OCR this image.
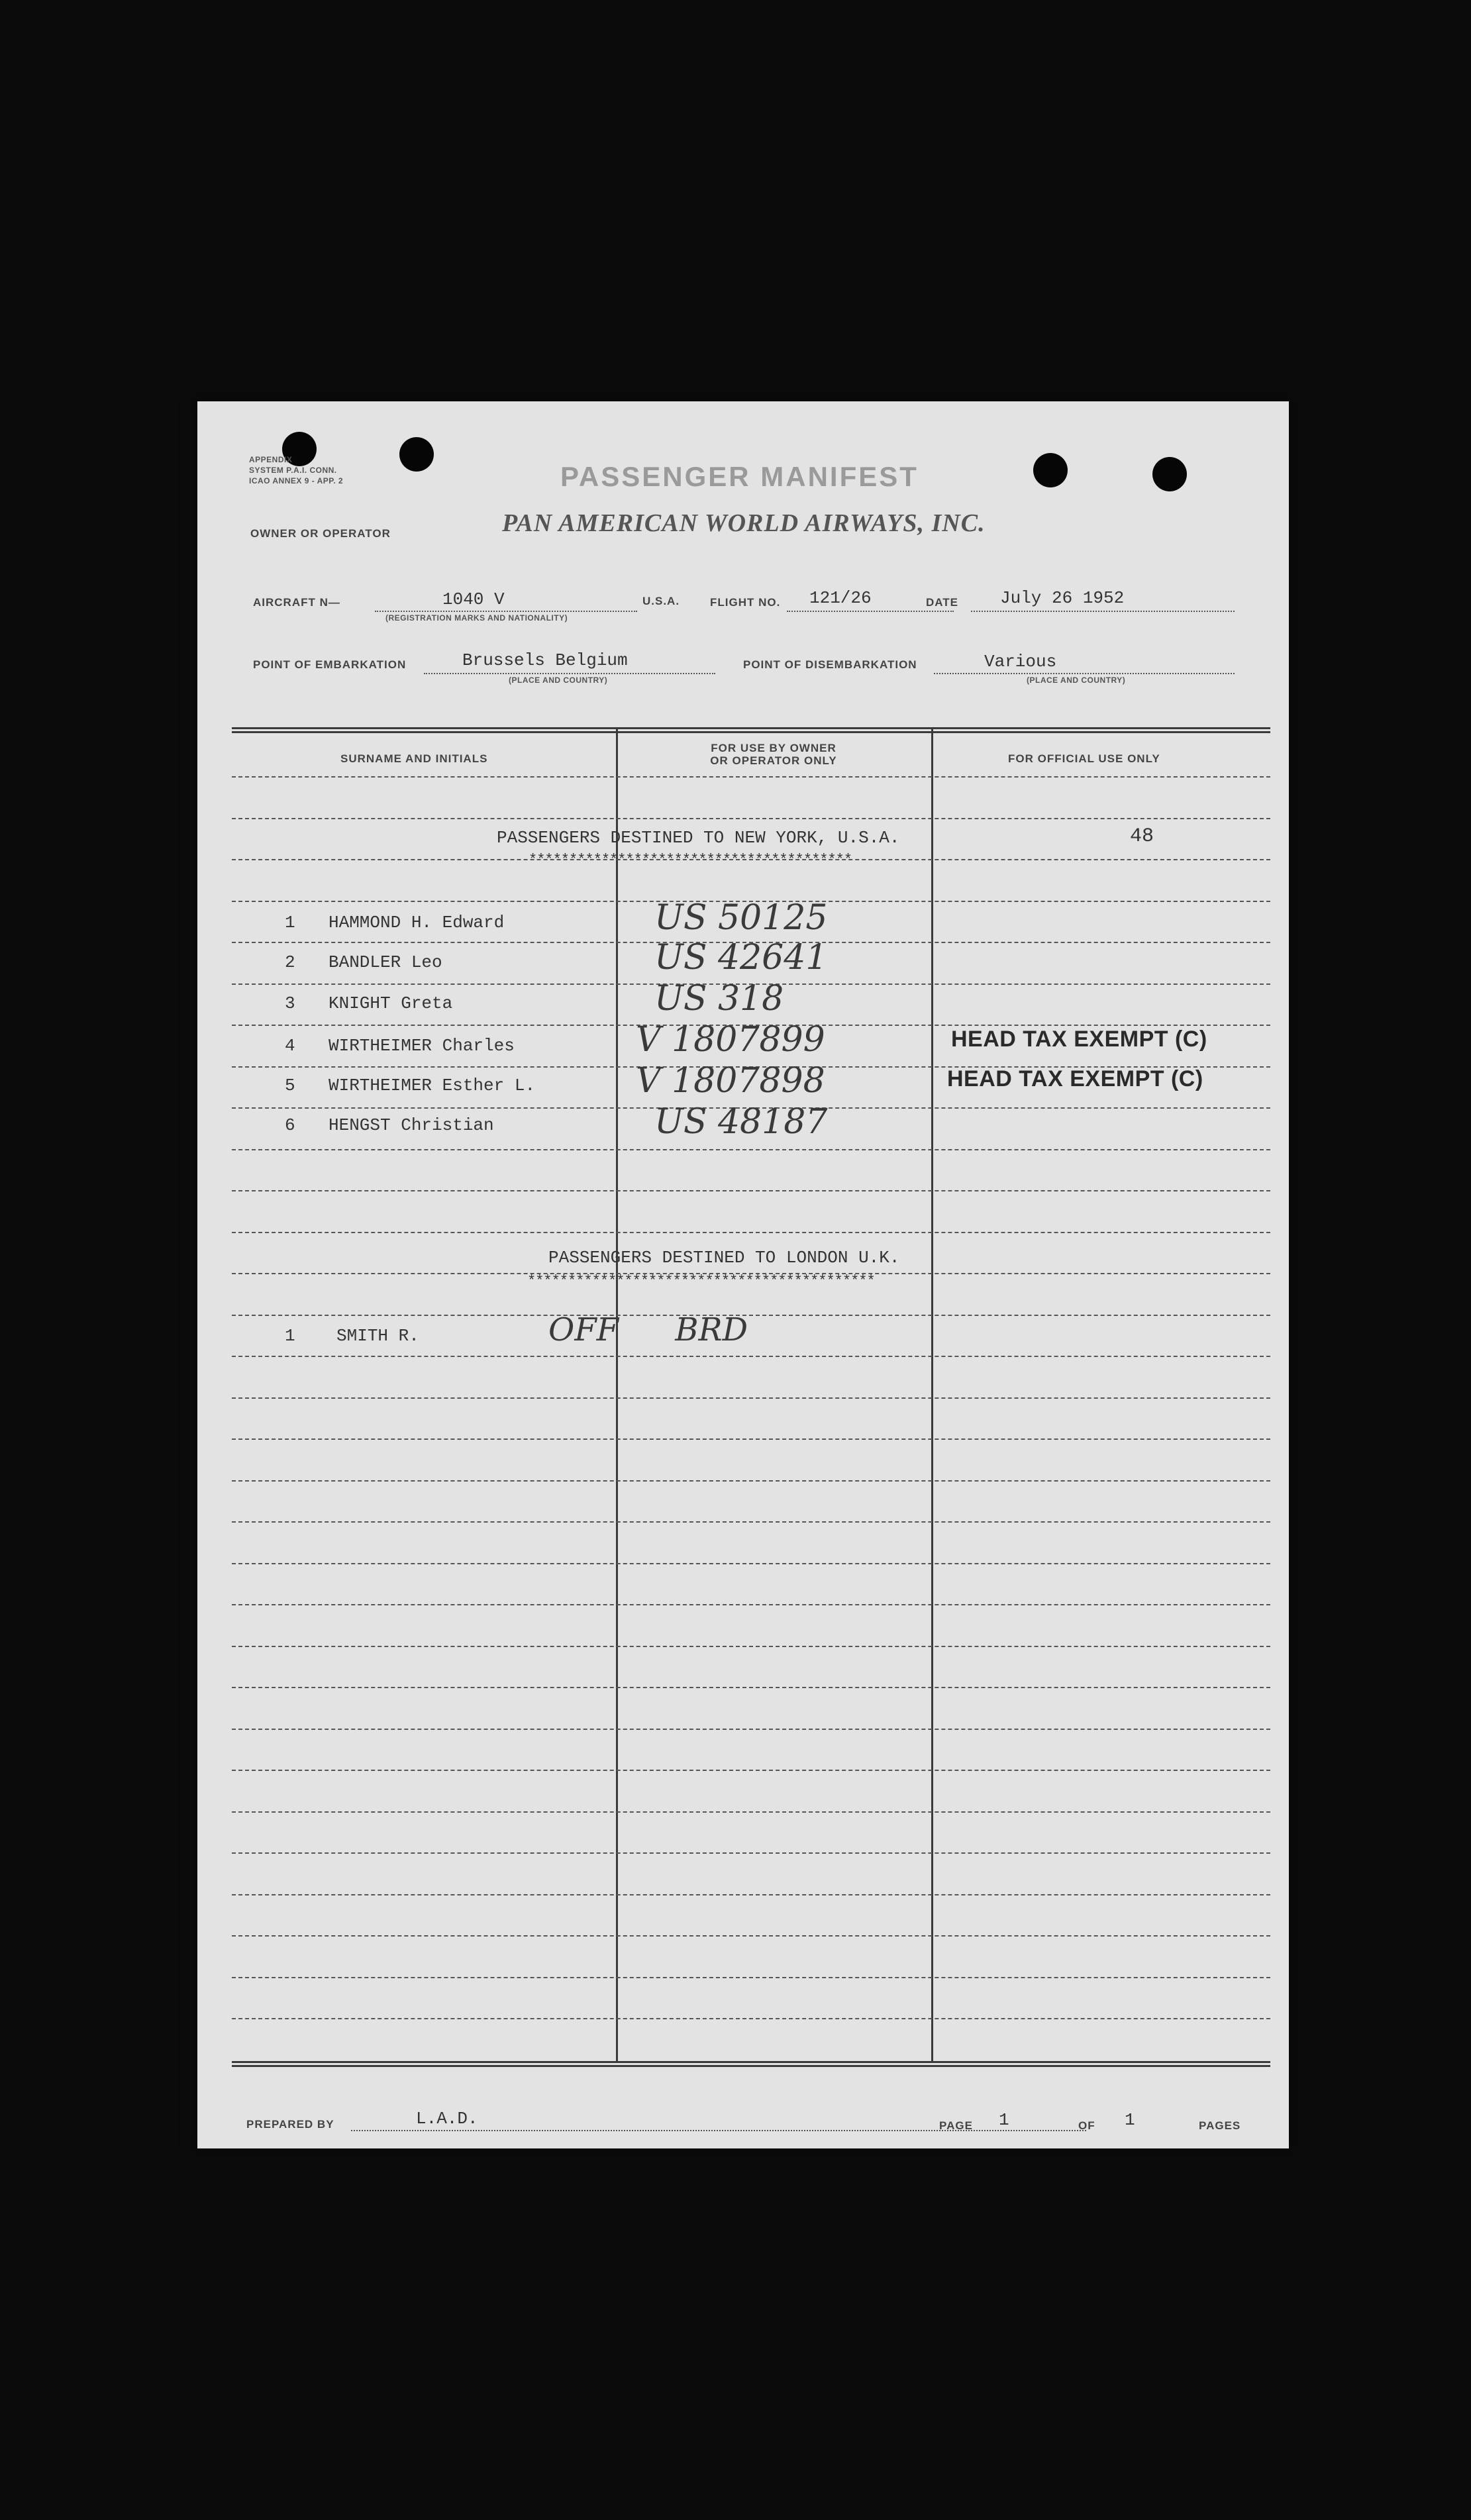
APPENDIX
SYSTEM P.A.I. CONN.
ICAO ANNEX 9 - APP. 2	PASSENGER MANIFEST
OWNER OR OPERATOR	PAN AMERICAN WORLD AIRWAYS, INC.
AIRCRAFT N—	1040 V
(REGISTRATION MARKS AND NATIONALITY)
U.S.A.	FLIGHT NO. 121/26	DATE July 26 1952
POINT OF EMBARKATION	Brussels Belgium
(PLACE AND COUNTRY)
POINT OF DISEMBARKATION	Various
(PLACE AND COUNTRY)
SURNAME AND INITIALS
FOR USE BY OWNER
OR OPERATOR ONLY	FOR OFFICIAL USE ONLY
PASSENGERS DESTINED TO NEW YORK, U.S.A.
****************************************
48
1 HAMMOND H. Edward	US 50125
2 BANDLER Leo	US 42641
3 KNIGHT Greta	US 318
4 WIRTHEIMER Charles	V 1807899	HEAD TAX EXEMPT (C)
5 WIRTHEIMER Esther L.	V 1807898	HEAD TAX EXEMPT (C)
6 HENGST Christian	US 48187
PASSENGERS DESTINED TO LONDON U.K.
*******************************************
1 SMITH R.	OFF BRD
PREPARED BY	L.A.D.	PAGE 1	OF 1	PAGES
